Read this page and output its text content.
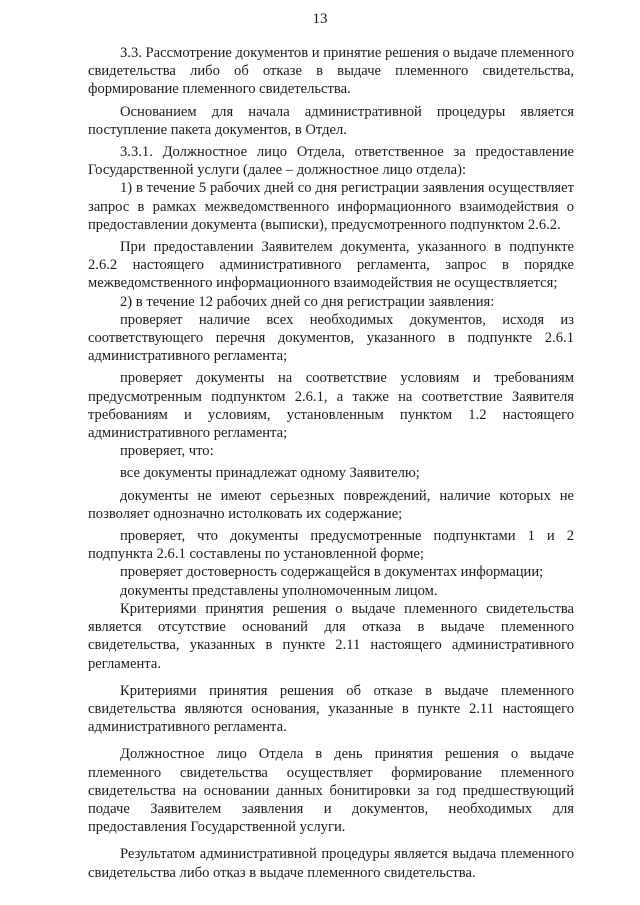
13

3.3. Рассмотрение документов и принятие решения о выдаче племенного свидетельства либо об отказе в выдаче племенного свидетельства, формирование племенного свидетельства.

Основанием для начала административной процедуры является поступление пакета документов, в Отдел.

3.3.1. Должностное лицо Отдела, ответственное за предоставление Государственной услуги (далее – должностное лицо отдела):

1) в течение 5 рабочих дней со дня регистрации заявления осуществляет запрос в рамках межведомственного информационного взаимодействия о предоставлении документа (выписки), предусмотренного подпунктом 2.6.2.

При предоставлении Заявителем документа, указанного в подпункте 2.6.2 настоящего административного регламента, запрос в порядке межведомственного информационного взаимодействия не осуществляется;

2) в течение 12 рабочих дней со дня регистрации заявления:

проверяет наличие всех необходимых документов, исходя из соответствующего перечня документов, указанного в подпункте 2.6.1 административного регламента;

проверяет документы на соответствие условиям и требованиям предусмотренным подпунктом 2.6.1, а также на соответствие Заявителя требованиям и условиям, установленным пунктом 1.2 настоящего административного регламента;

проверяет, что:

все документы принадлежат одному Заявителю;

документы не имеют серьезных повреждений, наличие которых не позволяет однозначно истолковать их содержание;

проверяет, что документы предусмотренные подпунктами 1 и 2 подпункта 2.6.1 составлены по установленной форме;

проверяет достоверность содержащейся в документах информации;

документы представлены уполномоченным лицом.

Критериями принятия решения о выдаче племенного свидетельства является отсутствие оснований для отказа в выдаче племенного свидетельства, указанных в пункте 2.11 настоящего административного регламента.

Критериями принятия решения об отказе в выдаче племенного свидетельства являются основания, указанные в пункте 2.11 настоящего административного регламента.

Должностное лицо Отдела в день принятия решения о выдаче племенного свидетельства осуществляет формирование племенного свидетельства на основании данных бонитировки за год предшествующий подаче Заявителем заявления и документов, необходимых для предоставления Государственной услуги.

Результатом административной процедуры является выдача племенного свидетельства либо отказ в выдаче племенного свидетельства.
